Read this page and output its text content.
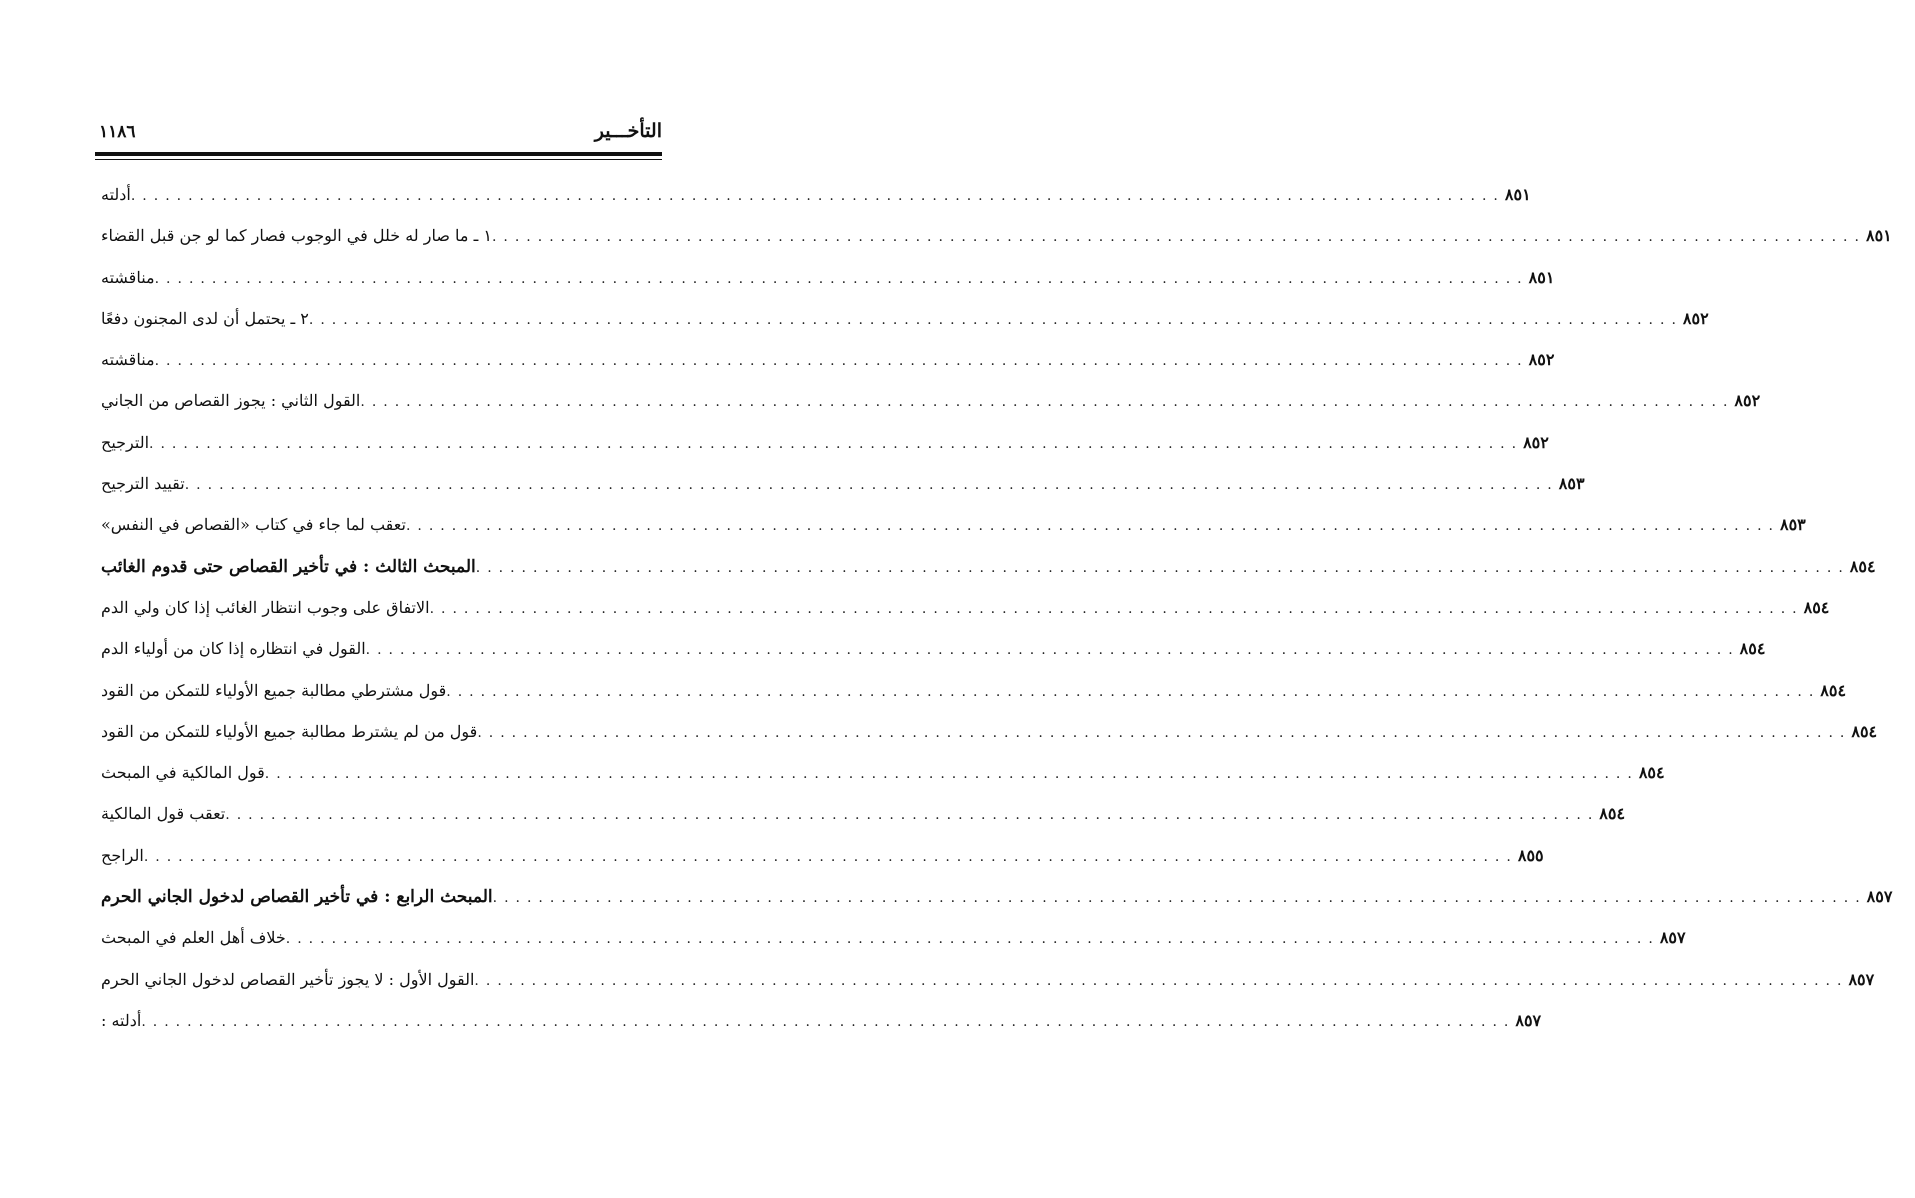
التأخـــير
١١٨٦
أدلته ........................................................................................................................ ٨٥١
١ ـ ما صار له خلل في الوجوب فصار كما لو جن قبل القضاء ........................................................................................................................ ٨٥١
مناقشته ........................................................................................................................ ٨٥١
٢ ـ يحتمل أن لدى المجنون دفعًا ........................................................................................................................ ٨٥٢
مناقشته ........................................................................................................................ ٨٥٢
القول الثاني : يجوز القصاص من الجاني ........................................................................................................................ ٨٥٢
الترجيح ........................................................................................................................ ٨٥٢
تقييد الترجيح ........................................................................................................................ ٨٥٣
تعقب لما جاء في كتاب «القصاص في النفس» ........................................................................................................................ ٨٥٣
المبحث الثالث : في تأخير القصاص حتى قدوم الغائب ........................................................................................................................ ٨٥٤
الاتفاق على وجوب انتظار الغائب إذا كان ولي الدم ........................................................................................................................ ٨٥٤
القول في انتظاره إذا كان من أولياء الدم ........................................................................................................................ ٨٥٤
قول مشترطي مطالبة جميع الأولياء للتمكن من القود ........................................................................................................................ ٨٥٤
قول من لم يشترط مطالبة جميع الأولياء للتمكن من القود ........................................................................................................................ ٨٥٤
قول المالكية في المبحث ........................................................................................................................ ٨٥٤
تعقب قول المالكية ........................................................................................................................ ٨٥٤
الراجح ........................................................................................................................ ٨٥٥
المبحث الرابع : في تأخير القصاص لدخول الجاني الحرم ........................................................................................................................ ٨٥٧
خلاف أهل العلم في المبحث ........................................................................................................................ ٨٥٧
القول الأول : لا يجوز تأخير القصاص لدخول الجاني الحرم ........................................................................................................................ ٨٥٧
أدلته : ........................................................................................................................ ٨٥٧
